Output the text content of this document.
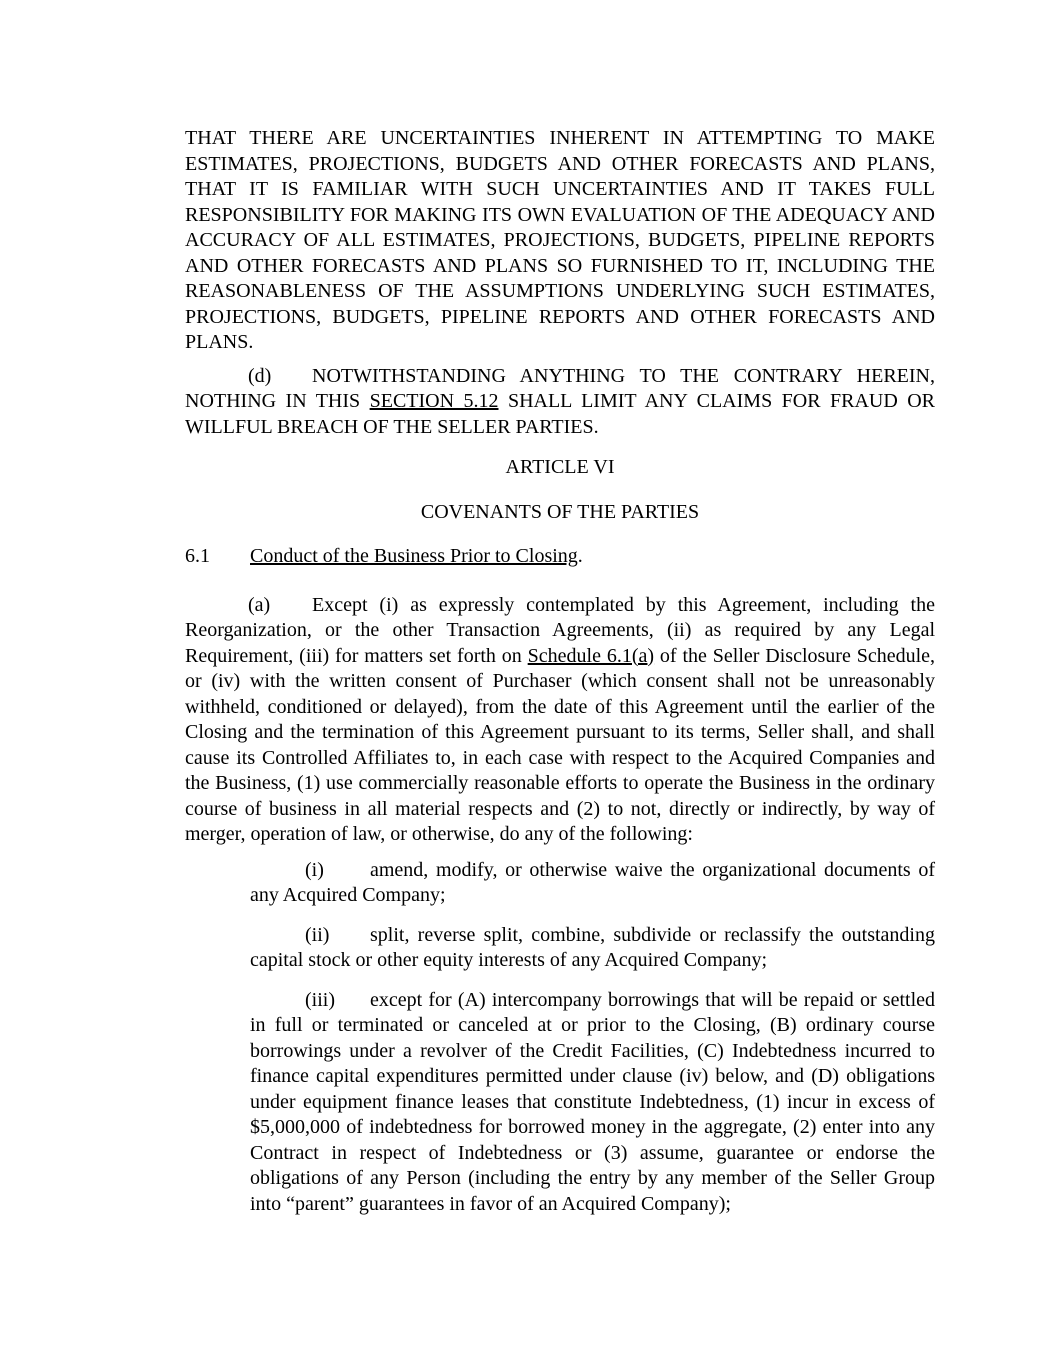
THAT THERE ARE UNCERTAINTIES INHERENT IN ATTEMPTING TO MAKE ESTIMATES, PROJECTIONS, BUDGETS AND OTHER FORECASTS AND PLANS, THAT IT IS FAMILIAR WITH SUCH UNCERTAINTIES AND IT TAKES FULL RESPONSIBILITY FOR MAKING ITS OWN EVALUATION OF THE ADEQUACY AND ACCURACY OF ALL ESTIMATES, PROJECTIONS, BUDGETS, PIPELINE REPORTS AND OTHER FORECASTS AND PLANS SO FURNISHED TO IT, INCLUDING THE REASONABLENESS OF THE ASSUMPTIONS UNDERLYING SUCH ESTIMATES, PROJECTIONS, BUDGETS, PIPELINE REPORTS AND OTHER FORECASTS AND PLANS.

(d) NOTWITHSTANDING ANYTHING TO THE CONTRARY HEREIN, NOTHING IN THIS SECTION 5.12 SHALL LIMIT ANY CLAIMS FOR FRAUD OR WILLFUL BREACH OF THE SELLER PARTIES.

ARTICLE VI

COVENANTS OF THE PARTIES

6.1 Conduct of the Business Prior to Closing.

(a) Except (i) as expressly contemplated by this Agreement, including the Reorganization, or the other Transaction Agreements, (ii) as required by any Legal Requirement, (iii) for matters set forth on Schedule 6.1(a) of the Seller Disclosure Schedule, or (iv) with the written consent of Purchaser (which consent shall not be unreasonably withheld, conditioned or delayed), from the date of this Agreement until the earlier of the Closing and the termination of this Agreement pursuant to its terms, Seller shall, and shall cause its Controlled Affiliates to, in each case with respect to the Acquired Companies and the Business, (1) use commercially reasonable efforts to operate the Business in the ordinary course of business in all material respects and (2) to not, directly or indirectly, by way of merger, operation of law, or otherwise, do any of the following:

(i) amend, modify, or otherwise waive the organizational documents of any Acquired Company;

(ii) split, reverse split, combine, subdivide or reclassify the outstanding capital stock or other equity interests of any Acquired Company;

(iii) except for (A) intercompany borrowings that will be repaid or settled in full or terminated or canceled at or prior to the Closing, (B) ordinary course borrowings under a revolver of the Credit Facilities, (C) Indebtedness incurred to finance capital expenditures permitted under clause (iv) below, and (D) obligations under equipment finance leases that constitute Indebtedness, (1) incur in excess of $5,000,000 of indebtedness for borrowed money in the aggregate, (2) enter into any Contract in respect of Indebtedness or (3) assume, guarantee or endorse the obligations of any Person (including the entry by any member of the Seller Group into “parent” guarantees in favor of an Acquired Company);
